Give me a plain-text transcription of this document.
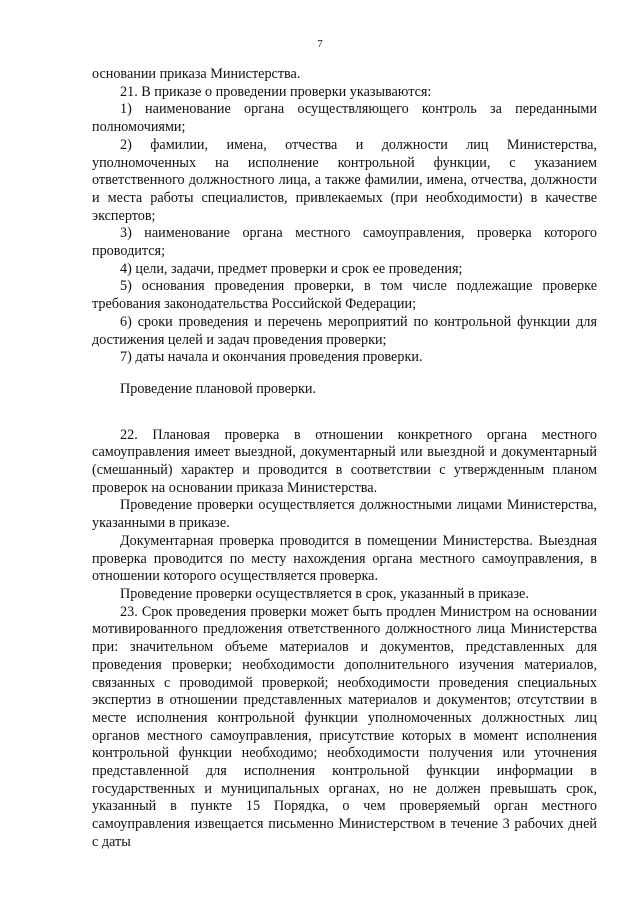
7

основании приказа Министерства.

21. В приказе о проведении проверки указываются:

1) наименование органа осуществляющего контроль за переданными полномочиями;

2) фамилии, имена, отчества и должности лиц Министерства, уполномоченных на исполнение контрольной функции, с указанием ответственного должностного лица, а также фамилии, имена, отчества, должности и места работы специалистов, привлекаемых (при необходимости) в качестве экспертов;

3) наименование органа местного самоуправления, проверка которого проводится;

4) цели, задачи, предмет проверки и срок ее проведения;

5) основания проведения проверки, в том числе подлежащие проверке требования законодательства Российской Федерации;

6) сроки проведения и перечень мероприятий по контрольной функции для достижения целей и задач проведения проверки;

7) даты начала и окончания проведения проверки.

Проведение плановой проверки.

22. Плановая проверка в отношении конкретного органа местного самоуправления имеет выездной, документарный или выездной и документарный (смешанный) характер и проводится в соответствии с утвержденным планом проверок на основании приказа Министерства.

Проведение проверки осуществляется должностными лицами Министерства, указанными в приказе.

Документарная проверка проводится в помещении Министерства. Выездная проверка проводится по месту нахождения органа местного самоуправления, в отношении которого осуществляется проверка.

Проведение проверки осуществляется в срок, указанный в приказе.

23. Срок проведения проверки может быть продлен Министром на основании мотивированного предложения ответственного должностного лица Министерства при: значительном объеме материалов и документов, представленных для проведения проверки; необходимости дополнительного изучения материалов, связанных с проводимой проверкой; необходимости проведения специальных экспертиз в отношении представленных материалов и документов; отсутствии в месте исполнения контрольной функции уполномоченных должностных лиц органов местного самоуправления, присутствие которых в момент исполнения контрольной функции необходимо; необходимости получения или уточнения представленной для исполнения контрольной функции информации в государственных и муниципальных органах, но не должен превышать срок, указанный в пункте 15 Порядка, о чем проверяемый орган местного самоуправления извещается письменно Министерством в течение 3 рабочих дней с даты
